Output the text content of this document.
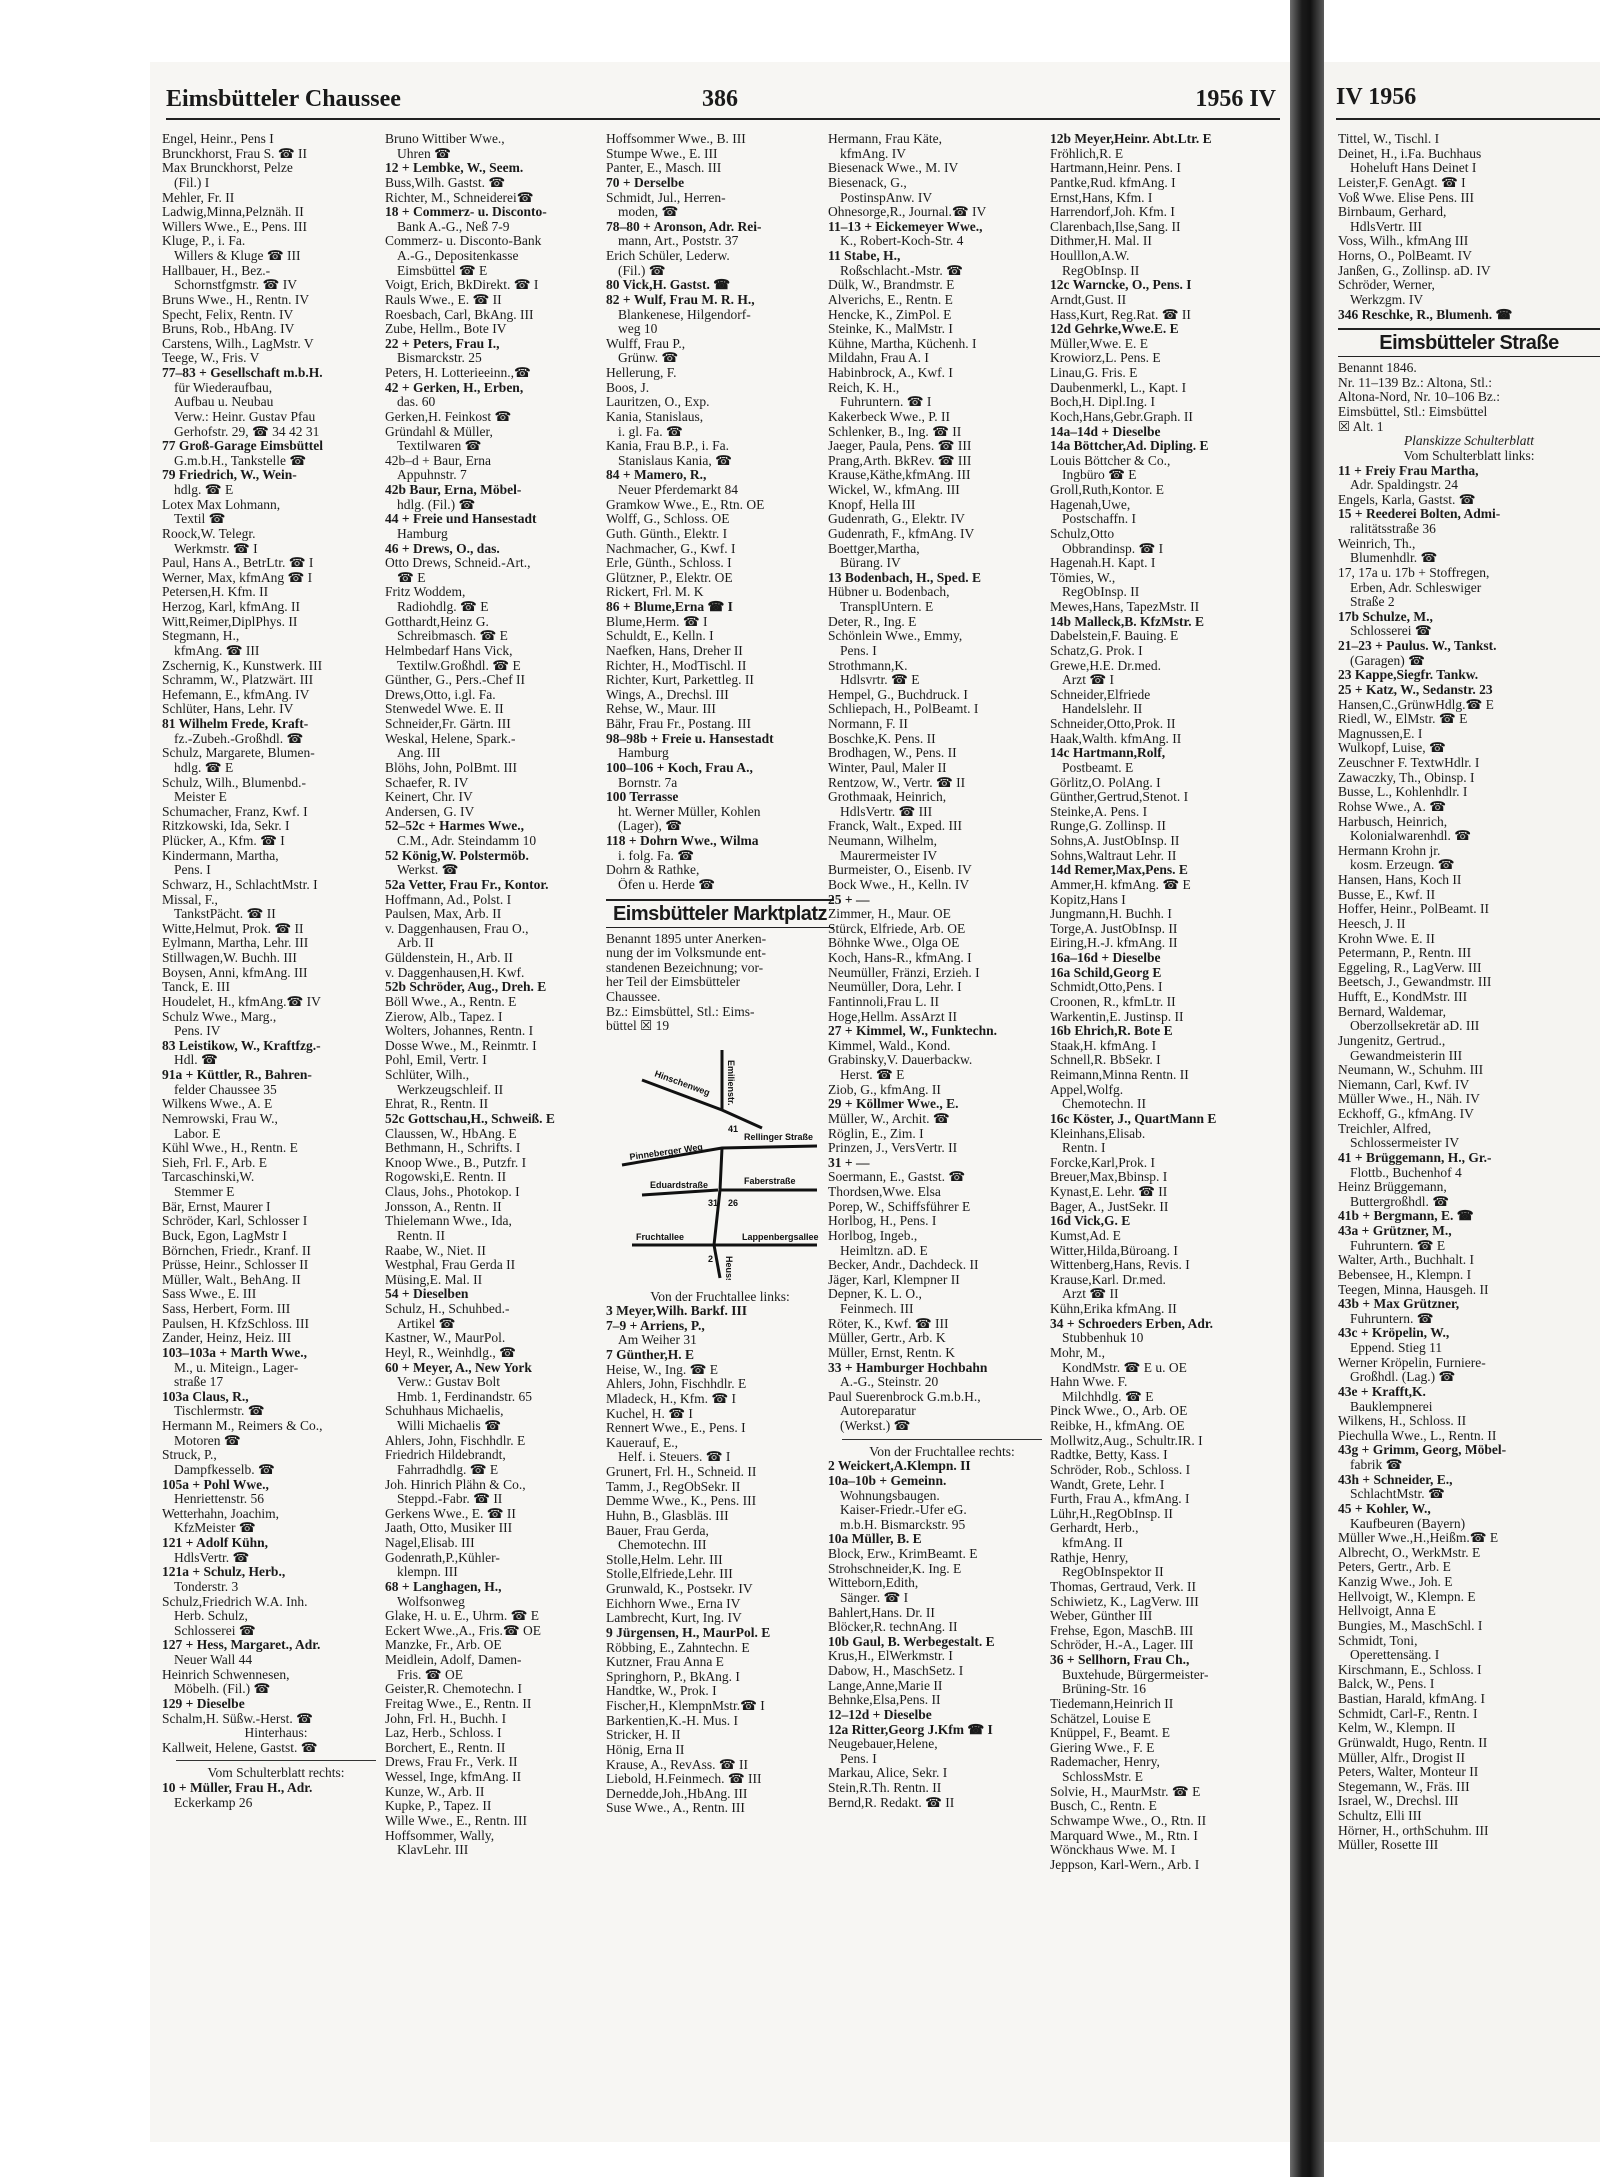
Eimsbütteler Chaussee	386	1956 IV	IV 1956
Engel, Heinr., Pens I
Brunckhorst, Frau S. ☎ II
Max Brunckhorst, Pelze
(Fil.) I
Mehler, Fr. II
Ladwig,Minna,Pelznäh. II
Willers Wwe., E., Pens. III
Kluge, P., i. Fa.
Willers & Kluge ☎ III
Hallbauer, H., Bez.-
Schornstfgmstr. ☎ IV
Bruns Wwe., H., Rentn. IV
Specht, Felix, Rentn. IV
Bruns, Rob., HbAng. IV
Carstens, Wilh., LagMstr. V
Teege, W., Fris. V
77–83 + Gesellschaft m.b.H.
für Wiederaufbau,
Aufbau u. Neubau
Verw.: Heinr. Gustav Pfau
Gerhofstr. 29, ☎ 34 42 31
77 Groß-Garage Eimsbüttel
G.m.b.H., Tankstelle ☎
79 Friedrich, W., Wein-
hdlg. ☎ E
Lotex Max Lohmann,
Textil ☎
Roock,W. Telegr.
Werkmstr. ☎ I
Paul, Hans A., BetrLtr. ☎ I
Werner, Max, kfmAng ☎ I
Petersen,H. Kfm. II
Herzog, Karl, kfmAng. II
Witt,Reimer,DiplPhys. II
Stegmann, H.,
kfmAng. ☎ III
Zschernig, K., Kunstwerk. III
Schramm, W., Platzwärt. III
Hefemann, E., kfmAng. IV
Schlüter, Hans, Lehr. IV
81 Wilhelm Frede, Kraft-
fz.-Zubeh.-Großhdl. ☎
Schulz, Margarete, Blumen-
hdlg. ☎ E
Schulz, Wilh., Blumenbd.-
Meister E
Schumacher, Franz, Kwf. I
Ritzkowski, Ida, Sekr. I
Plücker, A., Kfm. ☎ I
Kindermann, Martha,
Pens. I
Schwarz, H., SchlachtMstr. I
Missal, F.,
TankstPächt. ☎ II
Witte,Helmut, Prok. ☎ II
Eylmann, Martha, Lehr. III
Stillwagen,W. Buchh. III
Boysen, Anni, kfmAng. III
Tanck, E. III
Houdelet, H., kfmAng.☎ IV
Schulz Wwe., Marg.,
Pens. IV
83 Leistikow, W., Kraftfzg.-
Hdl. ☎
91a + Küttler, R., Bahren-
felder Chaussee 35
Wilkens Wwe., A. E
Nemrowski, Frau W.,
Labor. E
Kühl Wwe., H., Rentn. E
Sieh, Frl. F., Arb. E
Tarcaschinski,W.
Stemmer E
Bär, Ernst, Maurer I
Schröder, Karl, Schlosser I
Buck, Egon, LagMstr I
Börnchen, Friedr., Kranf. II
Prüsse, Heinr., Schlosser II
Müller, Walt., BehAng. II
Sass Wwe., E. III
Sass, Herbert, Form. III
Paulsen, H. KfzSchloss. III
Zander, Heinz, Heiz. III
103–103a + Marth Wwe.,
M., u. Miteign., Lager-
straße 17
103a Claus, R.,
Tischlermstr. ☎
Hermann M., Reimers & Co.,
Motoren ☎
Struck, P.,
Dampfkesselb. ☎
105a + Pohl Wwe.,
Henriettenstr. 56
Wetterhahn, Joachim,
KfzMeister ☎
121 + Adolf Kühn,
HdlsVertr. ☎
121a + Schulz, Herb.,
Tonderstr. 3
Schulz,Friedrich W.A. Inh.
Herb. Schulz,
Schlosserei ☎
127 + Hess, Margaret., Adr.
Neuer Wall 44
Heinrich Schwennesen,
Möbelh. (Fil.) ☎
129 + Dieselbe
Schalm,H. Süßw.-Herst. ☎
Hinterhaus:
Kallweit, Helene, Gastst. ☎
Vom Schulterblatt rechts:
10 + Müller, Frau H., Adr.
Eckerkamp 26
Bruno Wittiber Wwe.,
Uhren ☎
12 + Lembke, W., Seem.
Buss,Wilh. Gastst. ☎
Richter, M., Schneiderei☎
18 + Commerz- u. Disconto-
Bank A.-G., Neß 7-9
Commerz- u. Disconto-Bank
A.-G., Depositenkasse
Eimsbüttel ☎ E
Voigt, Erich, BkDirekt. ☎ I
Rauls Wwe., E. ☎ II
Roesbach, Carl, BkAng. III
Zube, Hellm., Bote IV
22 + Peters, Frau I.,
Bismarckstr. 25
Peters, H. Lotterieeinn.,☎
42 + Gerken, H., Erben,
das. 60
Gerken,H. Feinkost ☎
Gründahl & Müller,
Textilwaren ☎
42b–d + Baur, Erna
Appuhnstr. 7
42b Baur, Erna, Möbel-
hdlg. (Fil.) ☎
44 + Freie und Hansestadt
Hamburg
46 + Drews, O., das.
Otto Drews, Schneid.-Art.,
☎ E
Fritz Woddem,
Radiohdlg. ☎ E
Gotthardt,Heinz G.
Schreibmasch. ☎ E
Helmbedarf Hans Vick,
Textilw.Großhdl. ☎ E
Günther, G., Pers.-Chef II
Drews,Otto, i.gl. Fa.
Stenwedel Wwe. E. II
Schneider,Fr. Gärtn. III
Weskal, Helene, Spark.-
Ang. III
Blöhs, John, PolBmt. III
Schaefer, R. IV
Keinert, Chr. IV
Andersen, G. IV
52–52c + Harmes Wwe.,
C.M., Adr. Steindamm 10
52 König,W. Polstermöb.
Werkst. ☎
52a Vetter, Frau Fr., Kontor.
Hoffmann, Ad., Polst. I
Paulsen, Max, Arb. II
v. Daggenhausen, Frau O.,
Arb. II
Güldenstein, H., Arb. II
v. Daggenhausen,H. Kwf.
52b Schröder, Aug., Dreh. E
Böll Wwe., A., Rentn. E
Zierow, Alb., Tapez. I
Wolters, Johannes, Rentn. I
Dosse Wwe., M., Reinmtr. I
Pohl, Emil, Vertr. I
Schlüter, Wilh.,
Werkzeugschleif. II
Ehrat, R., Rentn. II
52c Gottschau,H., Schweiß. E
Claussen, W., HbAng. E
Bethmann, H., Schrifts. I
Knoop Wwe., B., Putzfr. I
Rogowski,E. Rentn. II
Claus, Johs., Photokop. I
Jonsson, A., Rentn. II
Thielemann Wwe., Ida,
Rentn. II
Raabe, W., Niet. II
Westphal, Frau Gerda II
Müsing,E. Mal. II
54 + Dieselben
Schulz, H., Schuhbed.-
Artikel ☎
Kastner, W., MaurPol.
Heyl, R., Weinhdlg., ☎
60 + Meyer, A., New York
Verw.: Gustav Bolt
Hmb. 1, Ferdinandstr. 65
Schuhhaus Michaelis,
Willi Michaelis ☎
Ahlers, John, Fischhdlr. E
Friedrich Hildebrandt,
Fahrradhdlg. ☎ E
Joh. Hinrich Plähn & Co.,
Steppd.-Fabr. ☎ II
Gerkens Wwe., E. ☎ II
Jaath, Otto, Musiker III
Nagel,Elisab. III
Godenrath,P.,Kühler-
klempn. III
68 + Langhagen, H.,
Wolfsonweg
Glake, H. u. E., Uhrm. ☎ E
Eckert Wwe.,A., Fris.☎ OE
Manzke, Fr., Arb. OE
Meidlein, Adolf, Damen-
Fris. ☎ OE
Geister,R. Chemotechn. I
Freitag Wwe., E., Rentn. II
John, Frl. H., Buchh. I
Laz, Herb., Schloss. I
Borchert, E., Rentn. II
Drews, Frau Fr., Verk. II
Wessel, Inge, kfmAng. II
Kunze, W., Arb. II
Kupke, P., Tapez. II
Wille Wwe., E., Rentn. III
Hoffsommer, Wally,
KlavLehr. III
Hoffsommer Wwe., B. III
Stumpe Wwe., E. III
Panter, E., Masch. III
70 + Derselbe
Schmidt, Jul., Herren-
moden, ☎
78–80 + Aronson, Adr. Rei-
mann, Art., Poststr. 37
Erich Schüler, Lederw.
(Fil.) ☎
80 Vick,H. Gastst. ☎
82 + Wulf, Frau M. R. H.,
Blankenese, Hilgendorf-
weg 10
Wulff, Frau P.,
Grünw. ☎
Hellerung, F.
Boos, J.
Lauritzen, O., Exp.
Kania, Stanislaus,
i. gl. Fa. ☎
Kania, Frau B.P., i. Fa.
Stanislaus Kania, ☎
84 + Mamero, R.,
Neuer Pferdemarkt 84
Gramkow Wwe., E., Rtn. OE
Wolff, G., Schloss. OE
Guth. Günth., Elektr. I
Nachmacher, G., Kwf. I
Erle, Günth., Schloss. I
Glützner, P., Elektr. OE
Rickert, Frl. M. K
86 + Blume,Erna ☎ I
Blume,Herm. ☎ I
Schuldt, E., Kelln. I
Naefken, Hans, Dreher II
Richter, H., ModTischl. II
Richter, Kurt, Parkettleg. II
Wings, A., Drechsl. III
Rehse, W., Maur. III
Bähr, Frau Fr., Postang. III
98–98b + Freie u. Hansestadt
Hamburg
100–106 + Koch, Frau A.,
Bornstr. 7a
100 Terrasse
ht. Werner Müller, Kohlen
(Lager), ☎
118 + Dohrn Wwe., Wilma
i. folg. Fa. ☎
Dohrn & Rathke,
Öfen u. Herde ☎
Eimsbütteler Marktplatz
Benannt 1895 unter Anerken-
nung der im Volksmunde ent-
standenen Bezeichnung; vor-
her Teil der Eimsbütteler
Chaussee.
Bz.: Eimsbüttel, Stl.: Eims-
büttel ☒ 19
Hinschenweg Emilienstr.
Pinneberger Weg
Rellinger Straße
Eduardstraße	Faberstraße
Fruchtallee	Lappenbergsallee
Heussweg
41
31 26
2
Von der Fruchtallee links:
3 Meyer,Wilh. Barkf. III
7–9 + Arriens, P.,
Am Weiher 31
7 Günther,H. E
Heise, W., Ing. ☎ E
Ahlers, John, Fischhdlr. E
Mladeck, H., Kfm. ☎ I
Kuchel, H. ☎ I
Rennert Wwe., E., Pens. I
Kauerauf, E.,
Helf. i. Steuers. ☎ I
Grunert, Frl. H., Schneid. II
Tamm, J., RegObSekr. II
Demme Wwe., K., Pens. III
Huhn, B., Glasbläs. III
Bauer, Frau Gerda,
Chemotechn. III
Stolle,Helm. Lehr. III
Stolle,Elfriede,Lehr. III
Grunwald, K., Postsekr. IV
Eichhorn Wwe., Erna IV
Lambrecht, Kurt, Ing. IV
9 Jürgensen, H., MaurPol. E
Röbbing, E., Zahntechn. E
Kutzner, Frau Anna E
Springhorn, P., BkAng. I
Handtke, W., Prok. I
Fischer,H., KlempnMstr.☎ I
Barkentien,K.-H. Mus. I
Stricker, H. II
Hönig, Erna II
Krause, A., RevAss. ☎ II
Liebold, H.Feinmech. ☎ III
Dernedde,Joh.,HbAng. III
Suse Wwe., A., Rentn. III
Hermann, Frau Käte,
kfmAng. IV
Biesenack Wwe., M. IV
Biesenack, G.,
PostinspAnw. IV
Ohnesorge,R., Journal.☎ IV
11–13 + Eickemeyer Wwe.,
K., Robert-Koch-Str. 4
11 Stabe, H.,
Roßschlacht.-Mstr. ☎
Dülk, W., Brandmstr. E
Alverichs, E., Rentn. E
Hencke, K., ZimPol. E
Steinke, K., MalMstr. I
Kühne, Martha, Küchenh. I
Mildahn, Frau A. I
Habinbrock, A., Kwf. I
Reich, K. H.,
Fuhruntern. ☎ I
Kakerbeck Wwe., P. II
Schlenker, B., Ing. ☎ II
Jaeger, Paula, Pens. ☎ III
Prang,Arth. BkRev. ☎ III
Krause,Käthe,kfmAng. III
Wickel, W., kfmAng. III
Knopf, Hella III
Gudenrath, G., Elektr. IV
Gudenrath, F., kfmAng. IV
Boettger,Martha,
Bürang. IV
13 Bodenbach, H., Sped. E
Hübner u. Bodenbach,
TransplUntern. E
Deter, R., Ing. E
Schönlein Wwe., Emmy,
Pens. I
Strothmann,K.
Hdlsvrtr. ☎ E
Hempel, G., Buchdruck. I
Schliepach, H., PolBeamt. I
Normann, F. II
Boschke,K. Pens. II
Brodhagen, W., Pens. II
Winter, Paul, Maler II
Rentzow, W., Vertr. ☎ II
Grothmaak, Heinrich,
HdlsVertr. ☎ III
Franck, Walt., Exped. III
Neumann, Wilhelm,
Maurermeister IV
Burmeister, O., Eisenb. IV
Bock Wwe., H., Kelln. IV
25 + —
Zimmer, H., Maur. OE
Stürck, Elfriede, Arb. OE
Böhnke Wwe., Olga OE
Koch, Hans-R., kfmAng. I
Neumüller, Fränzi, Erzieh. I
Neumüller, Dora, Lehr. I
Fantinnoli,Frau L. II
Hoge,Hellm. AssArzt II
27 + Kimmel, W., Funktechn.
Kimmel, Wald., Kond.
Grabinsky,V. Dauerbackw.
Herst. ☎ E
Ziob, G., kfmAng. II
29 + Köllmer Wwe., E.
Müller, W., Archit. ☎
Röglin, E., Zim. I
Prinzen, J., VersVertr. II
31 + —
Soermann, E., Gastst. ☎
Thordsen,Wwe. Elsa
Porep, W., Schiffsführer E
Horlbog, H., Pens. I
Horlbog, Ingeb.,
Heimltzn. aD. E
Becker, Andr., Dachdeck. II
Jäger, Karl, Klempner II
Depner, K. L. O.,
Feinmech. III
Röter, K., Kwf. ☎ III
Müller, Gertr., Arb. K
Müller, Ernst, Rentn. K
33 + Hamburger Hochbahn
A.-G., Steinstr. 20
Paul Suerenbrock G.m.b.H.,
Autoreparatur
(Werkst.) ☎
Von der Fruchtallee rechts:
2 Weickert,A.Klempn. II
10a–10b + Gemeinn.
Wohnungsbaugen.
Kaiser-Friedr.-Ufer eG.
m.b.H. Bismarckstr. 95
10a Müller, B. E
Block, Erw., KrimBeamt. E
Strohschneider,K. Ing. E
Witteborn,Edith,
Sänger. ☎ I
Bahlert,Hans. Dr. II
Blöcker,R. technAng. II
10b Gaul, B. Werbegestalt. E
Krus,H., ElWerkmstr. I
Dabow, H., MaschSetz. I
Lange,Anne,Marie II
Behnke,Elsa,Pens. II
12–12d + Dieselbe
12a Ritter,Georg J.Kfm ☎ I
Neugebauer,Helene,
Pens. I
Markau, Alice, Sekr. I
Stein,R.Th. Rentn. II
Bernd,R. Redakt. ☎ II
12b Meyer,Heinr. Abt.Ltr. E
Fröhlich,R. E
Hartmann,Heinr. Pens. I
Pantke,Rud. kfmAng. I
Ernst,Hans, Kfm. I
Harrendorf,Joh. Kfm. I
Clarenbach,Ilse,Sang. II
Dithmer,H. Mal. II
Houlllon,A.W.
RegObInsp. II
12c Warncke, O., Pens. I
Arndt,Gust. II
Hass,Kurt, Reg.Rat. ☎ II
12d Gehrke,Wwe.E. E
Müller,Wwe. E. E
Krowiorz,L. Pens. E
Linau,G. Fris. E
Daubenmerkl, L., Kapt. I
Boch,H. Dipl.Ing. I
Koch,Hans,Gebr.Graph. II
14a–14d + Dieselbe
14a Böttcher,Ad. Dipling. E
Louis Böttcher & Co.,
Ingbüro ☎ E
Groll,Ruth,Kontor. E
Hagenah,Uwe,
Postschaffn. I
Schulz,Otto
Obbrandinsp. ☎ I
Hagenah.H. Kapt. I
Tömies, W.,
RegObInsp. II
Mewes,Hans, TapezMstr. II
14b Malleck,B. KfzMstr. E
Dabelstein,F. Bauing. E
Schatz,G. Prok. I
Grewe,H.E. Dr.med.
Arzt ☎ I
Schneider,Elfriede
Handelslehr. II
Schneider,Otto,Prok. II
Haak,Walth. kfmAng. II
14c Hartmann,Rolf,
Postbeamt. E
Görlitz,O. PolAng. I
Günther,Gertrud,Stenot. I
Steinke,A. Pens. I
Runge,G. Zollinsp. II
Sohns,A. JustObInsp. II
Sohns,Waltraut Lehr. II
14d Remer,Max,Pens. E
Ammer,H. kfmAng. ☎ E
Kopitz,Hans I
Jungmann,H. Buchh. I
Torge,A. JustObInsp. II
Eiring,H.-J. kfmAng. II
16a–16d + Dieselbe
16a Schild,Georg E
Schmidt,Otto,Pens. I
Croonen, R., kfmLtr. II
Warkentin,E. Justinsp. II
16b Ehrich,R. Bote E
Staak,H. kfmAng. I
Schnell,R. BbSekr. I
Reimann,Minna Rentn. II
Appel,Wolfg.
Chemotechn. II
16c Köster, J., QuartMann E
Kleinhans,Elisab.
Rentn. I
Forcke,Karl,Prok. I
Breuer,Max,Bbinsp. I
Kynast,E. Lehr. ☎ II
Bager, A., JustSekr. II
16d Vick,G. E
Kumst,Ad. E
Witter,Hilda,Büroang. I
Wittenberg,Hans, Revis. I
Krause,Karl. Dr.med.
Arzt ☎ II
Kühn,Erika kfmAng. II
34 + Schroeders Erben, Adr.
Stubbenhuk 10
Mohr, M.,
KondMstr. ☎ E u. OE
Hahn Wwe. F.
Milchhdlg. ☎ E
Pinck Wwe., O., Arb. OE
Reibke, H., kfmAng. OE
Mollwitz,Aug., Schultr.IR. I
Radtke, Betty, Kass. I
Schröder, Rob., Schloss. I
Wandt, Grete, Lehr. I
Furth, Frau A., kfmAng. I
Lühr,H.,RegObInsp. II
Gerhardt, Herb.,
kfmAng. II
Rathje, Henry,
RegObInspektor II
Thomas, Gertraud, Verk. II
Schiwietz, K., LagVerw. III
Weber, Günther III
Frehse, Egon, MaschB. III
Schröder, H.-A., Lager. III
36 + Sellhorn, Frau Ch.,
Buxtehude, Bürgermeister-
Brüning-Str. 16
Tiedemann,Heinrich II
Schätzel, Louise E
Knüppel, F., Beamt. E
Giering Wwe., F. E
Rademacher, Henry,
SchlossMstr. E
Solvie, H., MaurMstr. ☎ E
Busch, C., Rentn. E
Schwampe Wwe., O., Rtn. II
Marquard Wwe., M., Rtn. I
Wönckhaus Wwe. M. I
Jeppson, Karl-Wern., Arb. I
Tittel, W., Tischl. I
Deinet, H., i.Fa. Buchhaus
Hoheluft Hans Deinet I
Leister,F. GenAgt. ☎ I
Voß Wwe. Elise Pens. III
Birnbaum, Gerhard,
HdlsVertr. III
Voss, Wilh., kfmAng III
Horns, O., PolBeamt. IV
Janßen, G., Zollinsp. aD. IV
Schröder, Werner,
Werkzgm. IV
346 Reschke, R., Blumenh. ☎
Eimsbütteler Straße
Benannt 1846.
Nr. 11–139 Bz.: Altona, Stl.:
Altona-Nord, Nr. 10–106 Bz.:
Eimsbüttel, Stl.: Eimsbüttel
☒ Alt. 1
Planskizze Schulterblatt
Vom Schulterblatt links:
11 + Freiy Frau Martha,
Adr. Spaldingstr. 24
Engels, Karla, Gastst. ☎
15 + Reederei Bolten, Admi-
ralitätsstraße 36
Weinrich, Th.,
Blumenhdlr. ☎
17, 17a u. 17b + Stoffregen,
Erben, Adr. Schleswiger
Straße 2
17b Schulze, M.,
Schlosserei ☎
21–23 + Paulus. W., Tankst.
(Garagen) ☎
23 Kappe,Siegfr. Tankw.
25 + Katz, W., Sedanstr. 23
Hansen,C.,GrünwHdlg.☎ E
Riedl, W., ElMstr. ☎ E
Magnussen,E. I
Wulkopf, Luise, ☎
Zeuschner F. TextwHdlr. I
Zawaczky, Th., Obinsp. I
Busse, L., Kohlenhdlr. I
Rohse Wwe., A. ☎
Harbusch, Heinrich,
Kolonialwarenhdl. ☎
Hermann Krohn jr.
kosm. Erzeugn. ☎
Hansen, Hans, Koch II
Busse, E., Kwf. II
Hoffer, Heinr., PolBeamt. II
Heesch, J. II
Krohn Wwe. E. II
Petermann, P., Rentn. III
Eggeling, R., LagVerw. III
Beetsch, J., Gewandmstr. III
Hufft, E., KondMstr. III
Bernard, Waldemar,
Oberzollsekretär aD. III
Jungenitz, Gertrud.,
Gewandmeisterin III
Neumann, W., Schuhm. III
Niemann, Carl, Kwf. IV
Müller Wwe., H., Näh. IV
Eckhoff, G., kfmAng. IV
Treichler, Alfred,
Schlossermeister IV
41 + Brüggemann, H., Gr.-
Flottb., Buchenhof 4
Heinz Brüggemann,
Buttergroßhdl. ☎
41b + Bergmann, E. ☎
43a + Grützner, M.,
Fuhruntern. ☎ E
Walter, Arth., Buchhalt. I
Bebensee, H., Klempn. I
Teegen, Minna, Hausgeh. II
43b + Max Grützner,
Fuhruntern. ☎
43c + Kröpelin, W.,
Eppend. Stieg 11
Werner Kröpelin, Furniere-
Großhdl. (Lag.) ☎
43e + Krafft,K.
Bauklempnerei
Wilkens, H., Schloss. II
Piechulla Wwe., L., Rentn. II
43g + Grimm, Georg, Möbel-
fabrik ☎
43h + Schneider, E.,
SchlachtMstr. ☎
45 + Kohler, W.,
Kaufbeuren (Bayern)
Müller Wwe.,H.,Heißm.☎ E
Albrecht, O., WerkMstr. E
Peters, Gertr., Arb. E
Kanzig Wwe., Joh. E
Hellvoigt, W., Klempn. E
Hellvoigt, Anna E
Bungies, M., MaschSchl. I
Schmidt, Toni,
Operettensäng. I
Kirschmann, E., Schloss. I
Balck, W., Pens. I
Bastian, Harald, kfmAng. I
Schmidt, Carl-F., Rentn. I
Kelm, W., Klempn. II
Grünwaldt, Hugo, Rentn. II
Müller, Alfr., Drogist II
Peters, Walter, Monteur II
Stegemann, W., Fräs. III
Israel, W., Drechsl. III
Schultz, Elli III
Hörner, H., orthSchuhm. III
Müller, Rosette III
